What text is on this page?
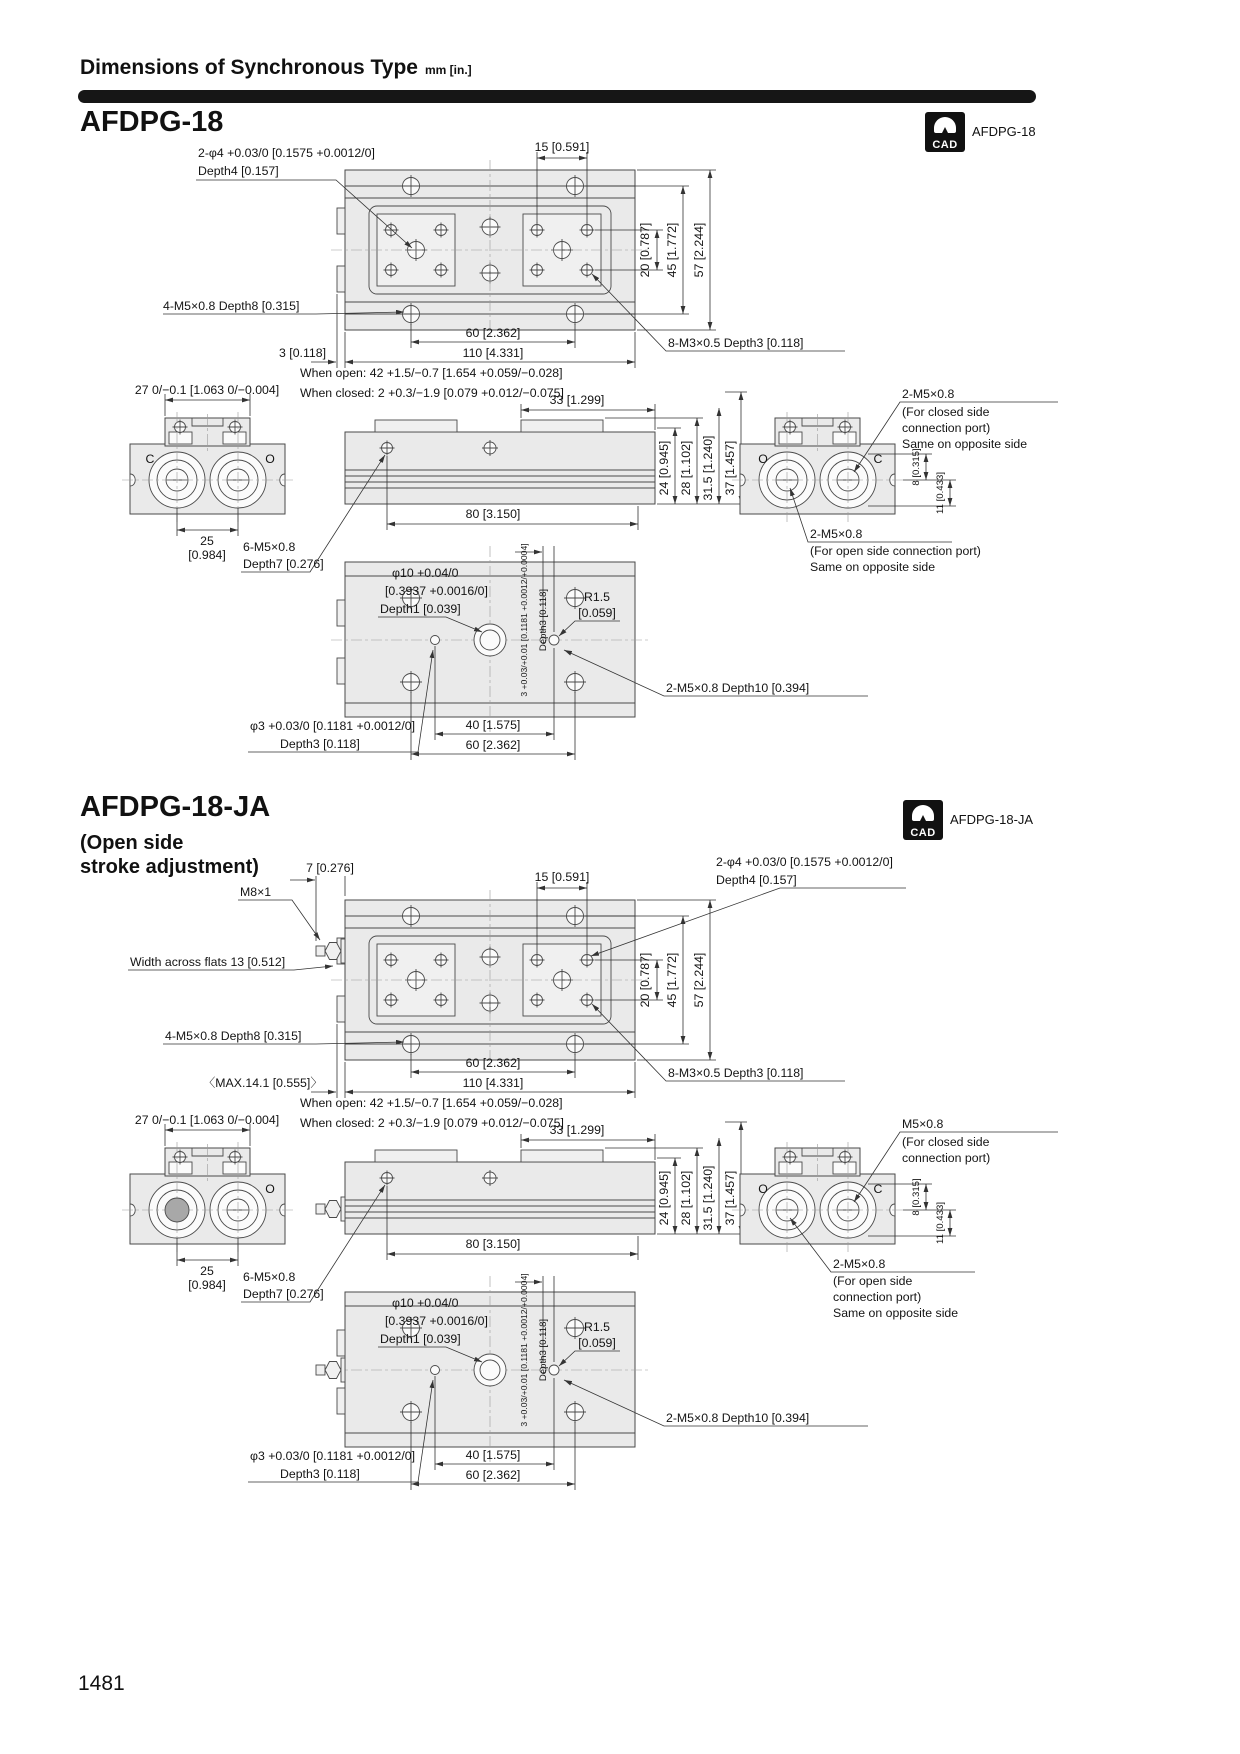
Dimensions of Synchronous Type mm [in.]
AFDPG-18
CAD
AFDPG-18
AFDPG-18-JA
(Open side
stroke adjustment)
CAD
AFDPG-18-JA
1481
2-φ4 +0.03/0 [0.1575 +0.0012/0]
Depth4 [0.157]
15 [0.591]
4-M5×0.8 Depth8 [0.315]
60 [2.362]
110 [4.331]
3 [0.118]
8-M3×0.5 Depth3 [0.118]
20 [0.787] 45 [1.772] 57 [2.244]
When open: 42 +1.5/−0.7 [1.654 +0.059/−0.028]
When closed: 2 +0.3/−1.9 [0.079 +0.012/−0.075]
27 0/−0.1 [1.063 0/−0.004]
33 [1.299]
C	O
25
[0.984]
6-M5×0.8
Depth7 [0.276]
80 [3.150]
24 [0.945] 28 [1.102] 31.5 [1.240] 37 [1.457]
2-M5×0.8
(For closed side
connection port)
Same on opposite side
O	C	8 [0.315]
11 [0.433]
2-M5×0.8
(For open side connection port)
Same on opposite side
φ10 +0.04/0
[0.3937 +0.0016/0]
Depth1 [0.039]	3 +0.03/+0.01 [0.1181 +0.0012/+0.0004] Depth3 [0.118]	R1.5
[0.059]
2-M5×0.8 Depth10 [0.394]
φ3 +0.03/0 [0.1181 +0.0012/0]
Depth3 [0.118]
40 [1.575]
60 [2.362]
7 [0.276]
M8×1
Width across flats 13 [0.512]
2-φ4 +0.03/0 [0.1575 +0.0012/0]
Depth4 [0.157]
15 [0.591]
4-M5×0.8 Depth8 [0.315]
60 [2.362]
110 [4.331]
〈MAX.14.1 [0.555]〉
8-M3×0.5 Depth3 [0.118]
20 [0.787] 45 [1.772] 57 [2.244]
When open: 42 +1.5/−0.7 [1.654 +0.059/−0.028]
When closed: 2 +0.3/−1.9 [0.079 +0.012/−0.075]
27 0/−0.1 [1.063 0/−0.004]
33 [1.299]
O
25
[0.984]
6-M5×0.8
Depth7 [0.276]
80 [3.150]
24 [0.945] 28 [1.102] 31.5 [1.240] 37 [1.457]
M5×0.8
(For closed side
connection port)
O	C	8 [0.315]
11 [0.433]
2-M5×0.8
(For open side
connection port)
Same on opposite side
φ10 +0.04/0
[0.3937 +0.0016/0]
Depth1 [0.039]	3 +0.03/+0.01 [0.1181 +0.0012/+0.0004] Depth3 [0.118]	R1.5
[0.059]
2-M5×0.8 Depth10 [0.394]
φ3 +0.03/0 [0.1181 +0.0012/0]
Depth3 [0.118]
40 [1.575]
60 [2.362]
